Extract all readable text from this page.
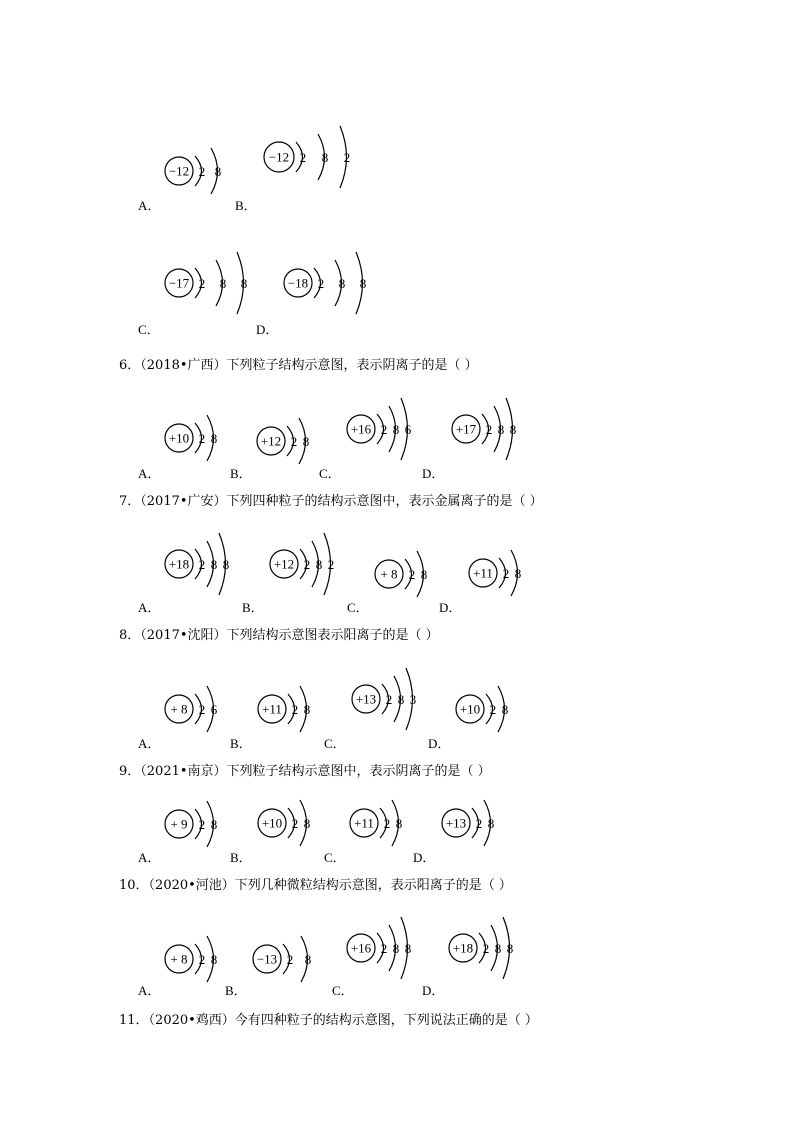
A．	B．
C．	D．
−12 2 8
−12 2 8 2
−17 2 8 8	−18 2 8 8
6．（2018•广西）下列粒子结构示意图，表示阴离子的是（ ）
A．	B．	C．	D．
+10 2 8	+12 2 8
+16 2 8 6	+17 2 8 8
7．（2017•广安）下列四种粒子的结构示意图中，表示金属离子的是（ ）
A．	B．	C．	D．
+18 2 8 8	+12 2 8 2
+ 8 2 8	+11 2 8
8．（2017•沈阳）下列结构示意图表示阳离子的是（ ）
A．	B．	C．	D．
+ 8 2 6	+11 2 8
+13 2 8 3
+10 2 8
9．（2021•南京）下列粒子结构示意图中，表示阴离子的是（ ）
A．	B．	C．	D．
+ 9 2 8	+10 2 8	+11 2 8	+13 2 8
10．（2020•河池）下列几种微粒结构示意图，表示阳离子的是（ ）
A．	B．	C．	D．
+ 8 2 8	−13 2 8
+16 2 8 8	+18 2 8 8
11．（2020•鸡西）今有四种粒子的结构示意图，下列说法正确的是（ ）
